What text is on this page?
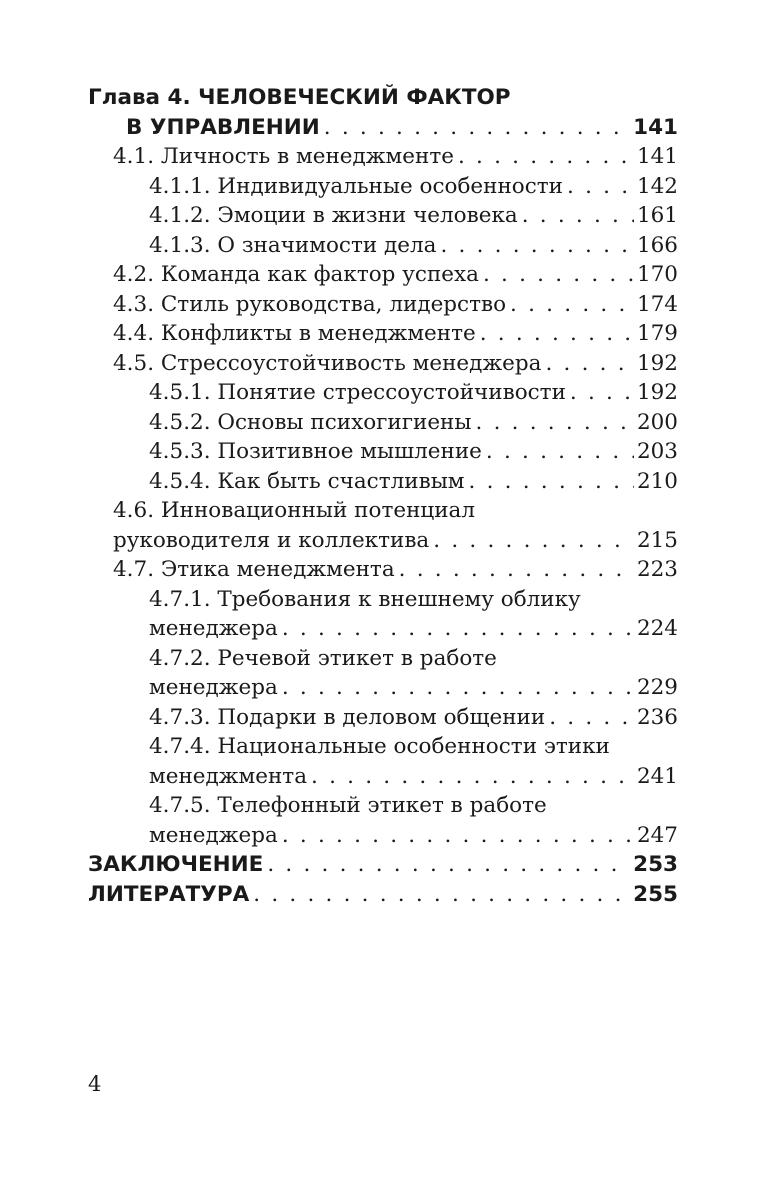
Глава 4. ЧЕЛОВЕЧЕСКИЙ ФАКТОР
В УПРАВЛЕНИИ . . .	141
4.1. Личность в менеджменте . . .	141
4.1.1. Индивидуальные особенности . . .	142
4.1.2. Эмоции в жизни человека . . .	161
4.1.3. О значимости дела . . .	166
4.2. Команда как фактор успеха . . .	170
4.3. Стиль руководства, лидерство . . .	174
4.4. Конфликты в менеджменте . . .	179
4.5. Стрессоустойчивость менеджера . . .	192
4.5.1. Понятие стрессоустойчивости . . .	192
4.5.2. Основы психогигиены . . .	200
4.5.3. Позитивное мышление . . .	203
4.5.4. Как быть счастливым . . .	210
4.6. Инновационный потенциал
руководителя и коллектива . . .	215
4.7. Этика менеджмента . . .	223
4.7.1. Требования к внешнему облику
менеджера . . .	224
4.7.2. Речевой этикет в работе
менеджера . . .	229
4.7.3. Подарки в деловом общении . . .	236
4.7.4. Национальные особенности этики
менеджмента . . .	241
4.7.5. Телефонный этикет в работе
менеджера . . .	247
ЗАКЛЮЧЕНИЕ . . .	253
ЛИТЕРАТУРА . . .	255
4
